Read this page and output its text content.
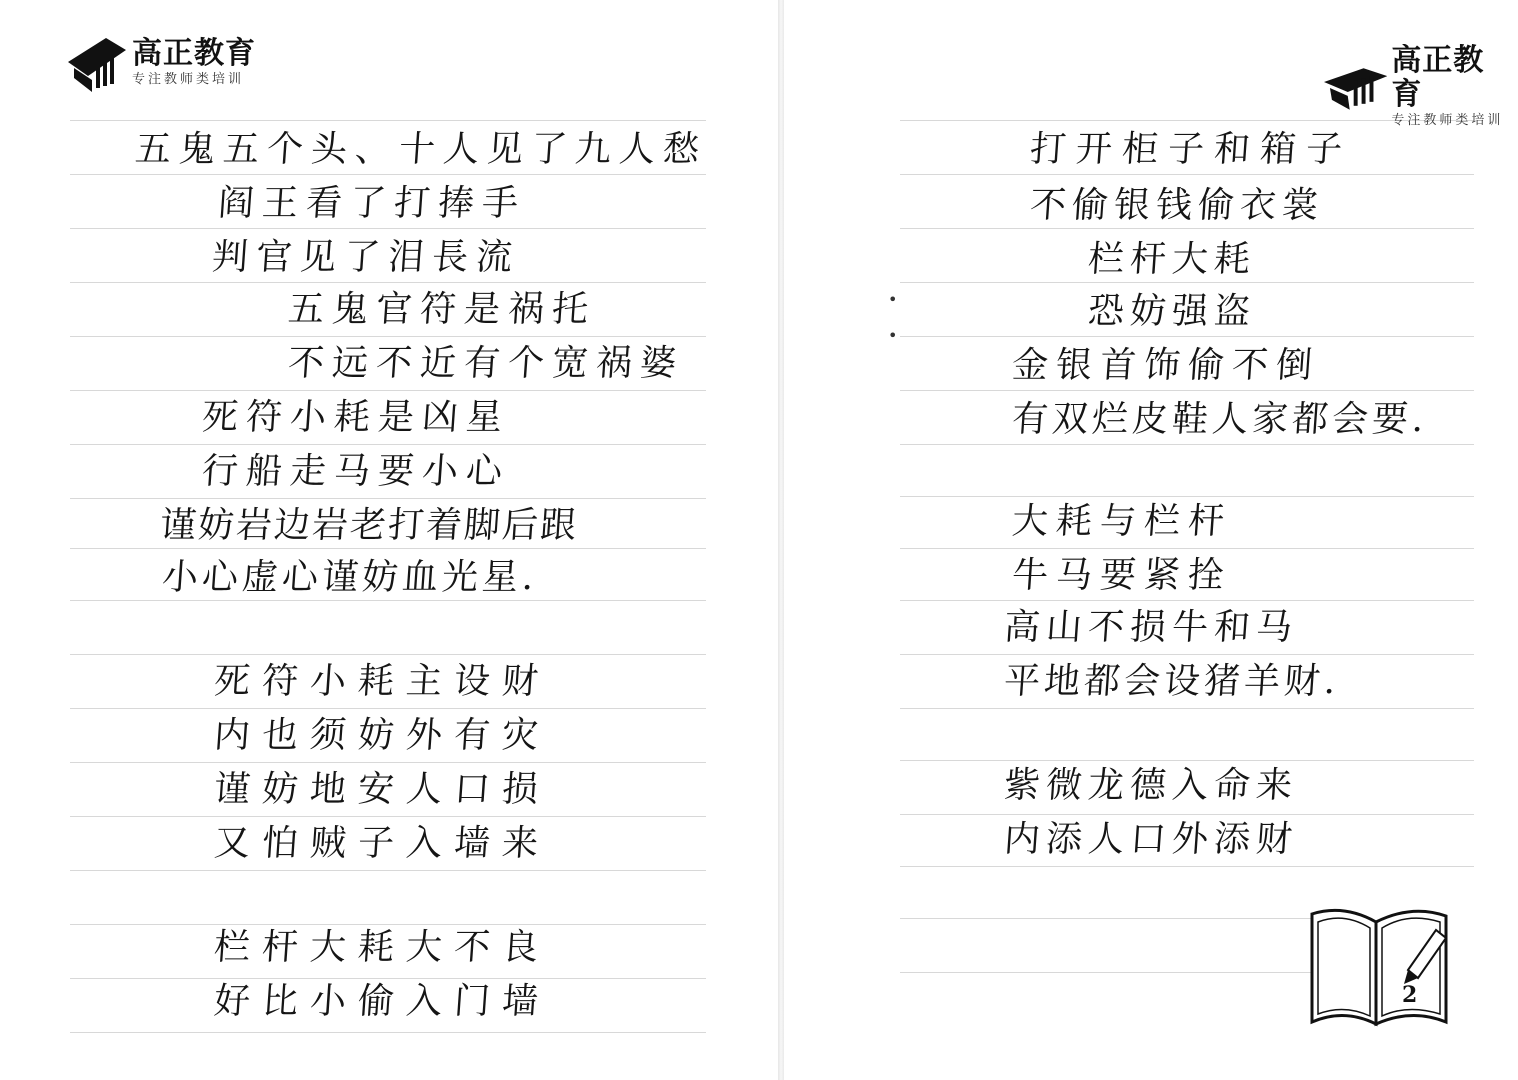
高正教育
专注教师类培训
五鬼五个头、十人见了九人愁
阎王看了打捧手
判官见了泪長流
五鬼官符是祸托
不远不近有个宽祸婆
死符小耗是凶星
行船走马要小心
谨妨岩边岩老打着脚后跟
小心虚心谨妨血光星.
死符小耗主设财
内也须妨外有灾
谨妨地安人口损
又怕贼子入墙来
栏杆大耗大不良
好比小偷入门墙
高正教育
专注教师类培训
•
•
打开柜子和箱子
不偷银钱偷衣裳
栏杆大耗
恐妨强盗
金银首饰偷不倒
有双烂皮鞋人家都会要.
大耗与栏杆
牛马要紧拴
高山不损牛和马
平地都会设猪羊财.
紫微龙德入命来
内添人口外添财
2
